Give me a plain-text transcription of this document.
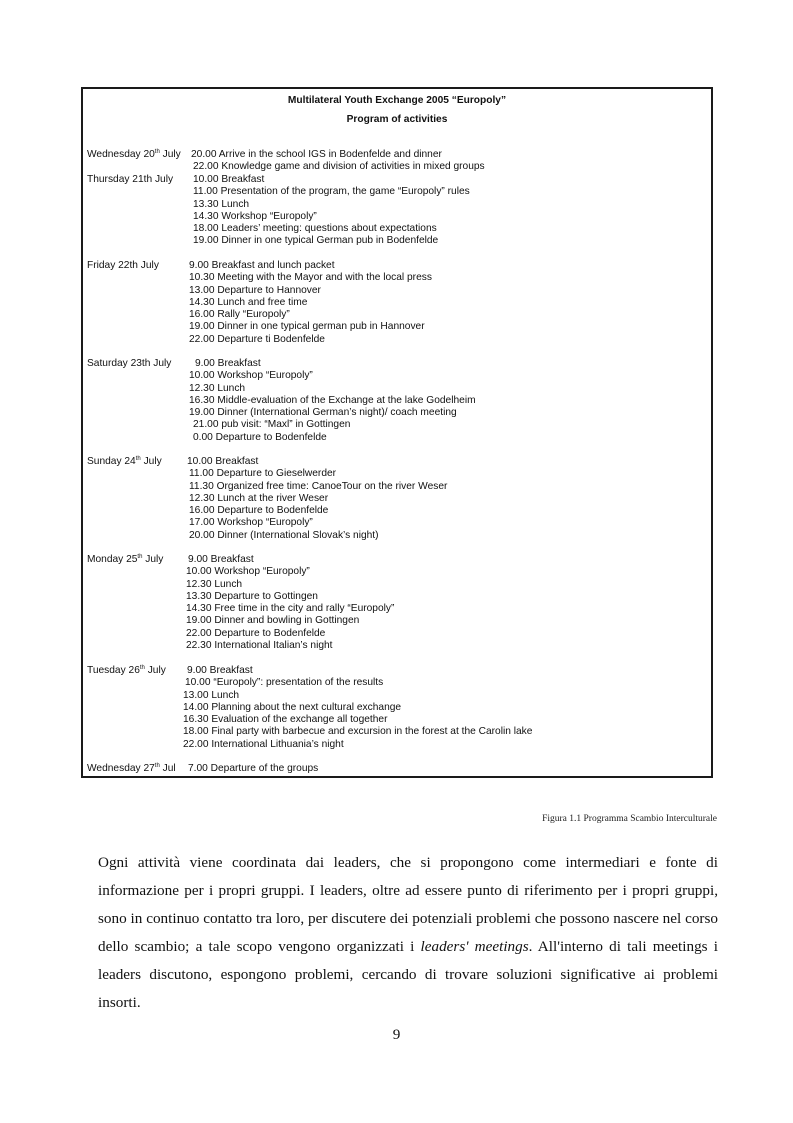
Multilateral Youth Exchange 2005 “Europoly”
Program of activities
Wednesday 20th July 20.00 Arrive in the school IGS in Bodenfelde and dinner
22.00 Knowledge game and division of activities in mixed groups
Thursday 21th July 10.00 Breakfast
11.00 Presentation of the program, the game “Europoly” rules
13.30 Lunch
14.30 Workshop “Europoly”
18.00 Leaders’ meeting: questions about expectations
19.00 Dinner in one typical German pub in Bodenfelde
Friday 22th July	9.00 Breakfast and lunch packet
10.30 Meeting with the Mayor and with the local press
13.00 Departure to Hannover
14.30 Lunch and free time
16.00 Rally “Europoly”
19.00 Dinner in one typical german pub in Hannover
22.00 Departure ti Bodenfelde
Saturday 23th July	9.00 Breakfast
10.00 Workshop “Europoly”
12.30 Lunch
16.30 Middle-evaluation of the Exchange at the lake Godelheim
19.00 Dinner (International German’s night)/ coach meeting
21.00 pub visit: “Maxl” in Gottingen
0.00 Departure to Bodenfelde
Sunday 24th July 10.00 Breakfast
11.00 Departure to Gieselwerder
11.30 Organized free time: CanoeTour on the river Weser
12.30 Lunch at the river Weser
16.00 Departure to Bodenfelde
17.00 Workshop “Europoly”
20.00 Dinner (International Slovak’s night)
Monday 25th July 9.00 Breakfast
10.00 Workshop “Europoly”
12.30 Lunch
13.30 Departure to Gottingen
14.30 Free time in the city and rally “Europoly”
19.00 Dinner and bowling in Gottingen
22.00 Departure to Bodenfelde
22.30 International Italian’s night
Tuesday 26th July	9.00 Breakfast
10.00 “Europoly”: presentation of the results
13.00 Lunch
14.00 Planning about the next cultural exchange
16.30 Evaluation of the exchange all together
18.00 Final party with barbecue and excursion in the forest at the Carolin lake
22.00 International Lithuania’s night
Wednesday 27th Jul 7.00 Departure of the groups
Figura 1.1 Programma Scambio Interculturale

Ogni attività viene coordinata dai leaders, che si propongono come intermediari e fonte di informazione per i propri gruppi. I leaders, oltre ad essere punto di riferimento per i propri gruppi, sono in continuo contatto tra loro, per discutere dei potenziali problemi che possono nascere nel corso dello scambio; a tale scopo vengono organizzati i leaders' meetings. All'interno di tali meetings i leaders discutono, espongono problemi, cercando di trovare soluzioni significative ai problemi insorti.

9
